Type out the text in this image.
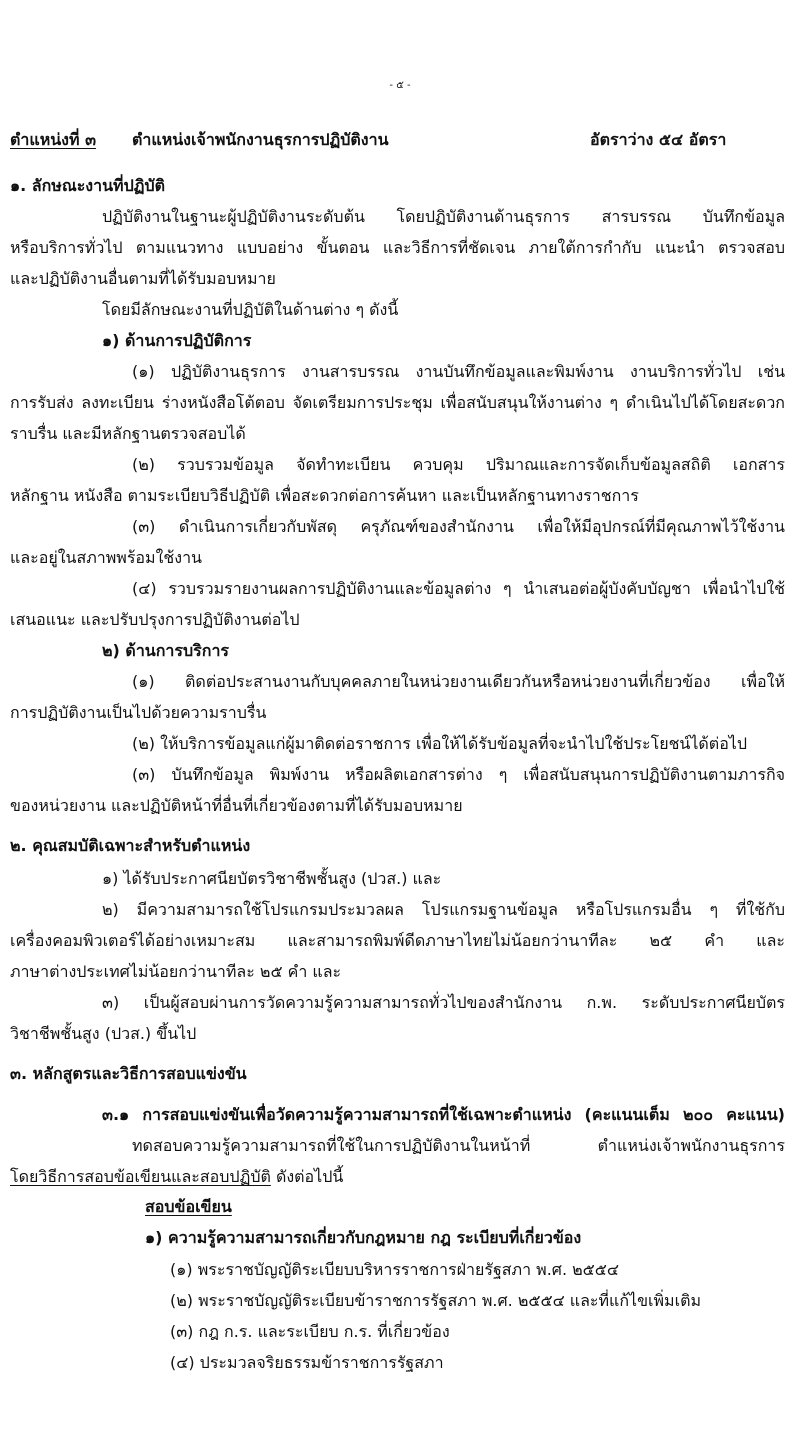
- ๕ -
ตำแหน่งที่ ๓ ตำแหน่งเจ้าพนักงานธุรการปฏิบัติงาน	อัตราว่าง ๕๔ อัตรา
๑. ลักษณะงานที่ปฏิบัติ
ปฏิบัติงานในฐานะผู้ปฏิบัติงานระดับต้น โดยปฏิบัติงานด้านธุรการ สารบรรณ บันทึกข้อมูล
หรือบริการทั่วไป ตามแนวทาง แบบอย่าง ขั้นตอน และวิธีการที่ชัดเจน ภายใต้การกำกับ แนะนำ ตรวจสอบ
และปฏิบัติงานอื่นตามที่ได้รับมอบหมาย
โดยมีลักษณะงานที่ปฏิบัติในด้านต่าง ๆ ดังนี้
๑) ด้านการปฏิบัติการ
(๑) ปฏิบัติงานธุรการ งานสารบรรณ งานบันทึกข้อมูลและพิมพ์งาน งานบริการทั่วไป เช่น
การรับส่ง ลงทะเบียน ร่างหนังสือโต้ตอบ จัดเตรียมการประชุม เพื่อสนับสนุนให้งานต่าง ๆ ดำเนินไปได้โดยสะดวก
ราบรื่น และมีหลักฐานตรวจสอบได้
(๒) รวบรวมข้อมูล จัดทำทะเบียน ควบคุม ปริมาณและการจัดเก็บข้อมูลสถิติ เอกสาร
หลักฐาน หนังสือ ตามระเบียบวิธีปฏิบัติ เพื่อสะดวกต่อการค้นหา และเป็นหลักฐานทางราชการ
(๓) ดำเนินการเกี่ยวกับพัสดุ ครุภัณฑ์ของสำนักงาน เพื่อให้มีอุปกรณ์ที่มีคุณภาพไว้ใช้งาน
และอยู่ในสภาพพร้อมใช้งาน
(๔) รวบรวมรายงานผลการปฏิบัติงานและข้อมูลต่าง ๆ นำเสนอต่อผู้บังคับบัญชา เพื่อนำไปใช้
เสนอแนะ และปรับปรุงการปฏิบัติงานต่อไป
๒) ด้านการบริการ
(๑) ติดต่อประสานงานกับบุคคลภายในหน่วยงานเดียวกันหรือหน่วยงานที่เกี่ยวข้อง เพื่อให้
การปฏิบัติงานเป็นไปด้วยความราบรื่น
(๒) ให้บริการข้อมูลแก่ผู้มาติดต่อราชการ เพื่อให้ได้รับข้อมูลที่จะนำไปใช้ประโยชน์ได้ต่อไป
(๓) บันทึกข้อมูล พิมพ์งาน หรือผลิตเอกสารต่าง ๆ เพื่อสนับสนุนการปฏิบัติงานตามภารกิจ
ของหน่วยงาน และปฏิบัติหน้าที่อื่นที่เกี่ยวข้องตามที่ได้รับมอบหมาย
๒. คุณสมบัติเฉพาะสำหรับตำแหน่ง
๑) ได้รับประกาศนียบัตรวิชาชีพชั้นสูง (ปวส.) และ
๒) มีความสามารถใช้โปรแกรมประมวลผล โปรแกรมฐานข้อมูล หรือโปรแกรมอื่น ๆ ที่ใช้กับ
เครื่องคอมพิวเตอร์ได้อย่างเหมาะสม และสามารถพิมพ์ดีดภาษาไทยไม่น้อยกว่านาทีละ ๒๕ คำ และ
ภาษาต่างประเทศไม่น้อยกว่านาทีละ ๒๕ คำ และ
๓) เป็นผู้สอบผ่านการวัดความรู้ความสามารถทั่วไปของสำนักงาน ก.พ. ระดับประกาศนียบัตร
วิชาชีพชั้นสูง (ปวส.) ขึ้นไป
๓. หลักสูตรและวิธีการสอบแข่งขัน
๓.๑ การสอบแข่งขันเพื่อวัดความรู้ความสามารถที่ใช้เฉพาะตำแหน่ง (คะแนนเต็ม ๒๐๐ คะแนน)
ทดสอบความรู้ความสามารถที่ใช้ในการปฏิบัติงานในหน้าที่ ตำแหน่งเจ้าพนักงานธุรการ
โดยวิธีการสอบข้อเขียนและสอบปฏิบัติ ดังต่อไปนี้
สอบข้อเขียน
๑) ความรู้ความสามารถเกี่ยวกับกฎหมาย กฎ ระเบียบที่เกี่ยวข้อง
(๑) พระราชบัญญัติระเบียบบริหารราชการฝ่ายรัฐสภา พ.ศ. ๒๕๕๔
(๒) พระราชบัญญัติระเบียบข้าราชการรัฐสภา พ.ศ. ๒๕๕๔ และที่แก้ไขเพิ่มเติม
(๓) กฎ ก.ร. และระเบียบ ก.ร. ที่เกี่ยวข้อง
(๔) ประมวลจริยธรรมข้าราชการรัฐสภา
